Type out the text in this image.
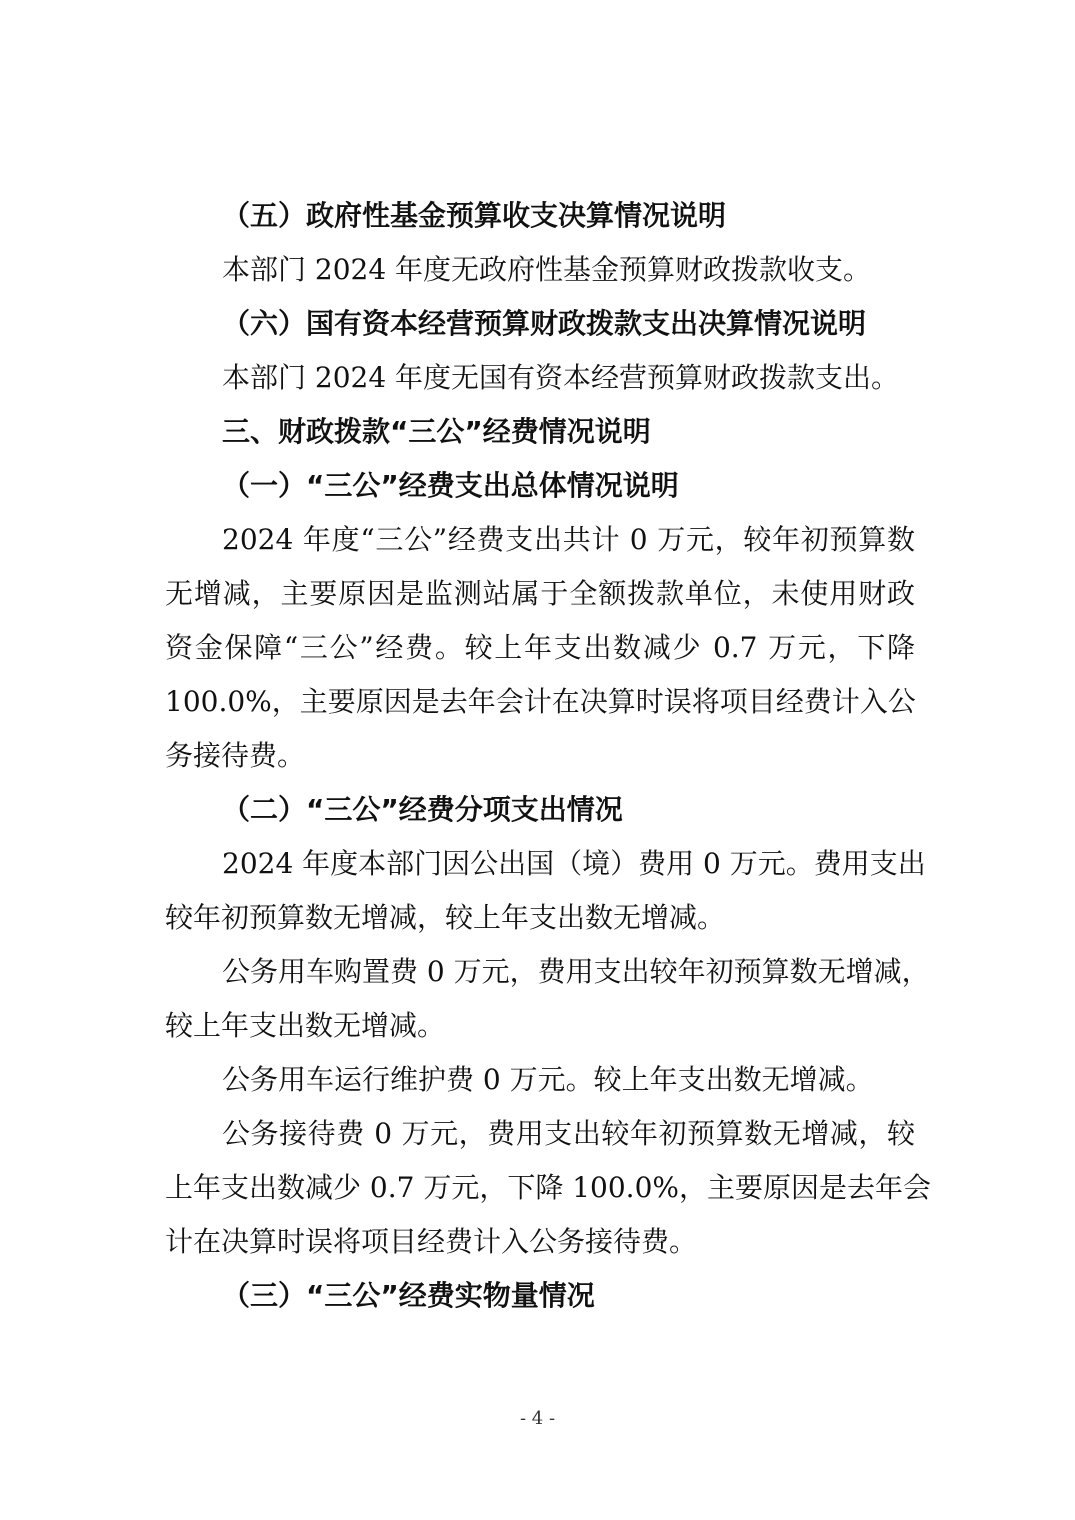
（五）政府性基金预算收支决算情况说明
本部门 2024 年度无政府性基金预算财政拨款收支。
（六）国有资本经营预算财政拨款支出决算情况说明
本部门 2024 年度无国有资本经营预算财政拨款支出。
三、财政拨款“三公”经费情况说明
（一）“三公”经费支出总体情况说明
2024 年度“三公”经费支出共计 0 万元，较年初预算数
无增减，主要原因是监测站属于全额拨款单位，未使用财政
资金保障“三公”经费。较上年支出数减少 0.7 万元，下降
100.0%，主要原因是去年会计在决算时误将项目经费计入公
务接待费。
（二）“三公”经费分项支出情况
2024 年度本部门因公出国（境）费用 0 万元。费用支出
较年初预算数无增减，较上年支出数无增减。
公务用车购置费 0 万元，费用支出较年初预算数无增减，
较上年支出数无增减。
公务用车运行维护费 0 万元。较上年支出数无增减。
公务接待费 0 万元，费用支出较年初预算数无增减，较
上年支出数减少 0.7 万元，下降 100.0%，主要原因是去年会
计在决算时误将项目经费计入公务接待费。
（三）“三公”经费实物量情况
- 4 -
